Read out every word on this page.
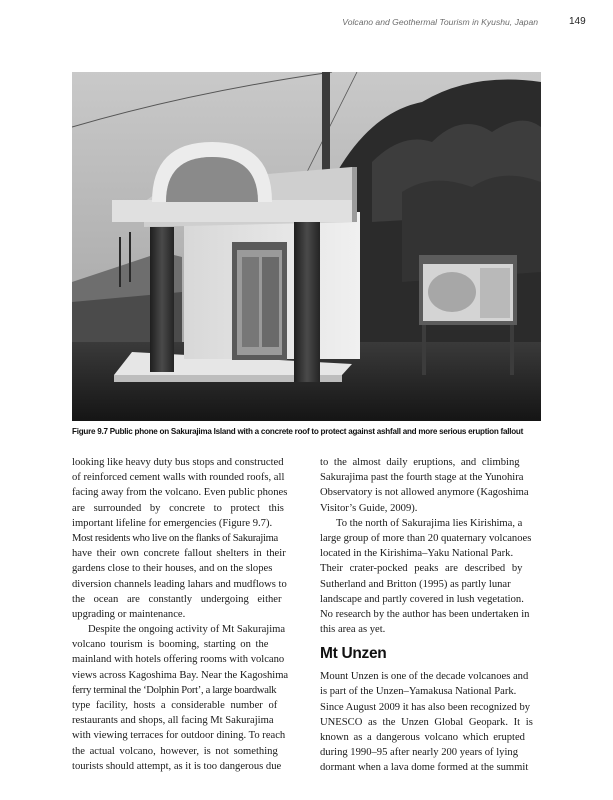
Volcano and Geothermal Tourism in Kyushu, Japan	149
Figure 9.7 Public phone on Sakurajima Island with a concrete roof to protect against ashfall and more serious eruption fallout
looking like heavy duty bus stops and constructed
of reinforced cement walls with rounded roofs, all
facing away from the volcano. Even public phones
are surrounded by concrete to protect this
important lifeline for emergencies (Figure 9.7).
Most residents who live on the flanks of Sakurajima
have their own concrete fallout shelters in their
gardens close to their houses, and on the slopes
diversion channels leading lahars and mudflows to
the ocean are constantly undergoing either
upgrading or maintenance.
Despite the ongoing activity of Mt Sakurajima
volcano tourism is booming, starting on the
mainland with hotels offering rooms with volcano
views across Kagoshima Bay. Near the Kagoshima
ferry terminal the ‘Dolphin Port’, a large boardwalk
type facility, hosts a considerable number of
restaurants and shops, all facing Mt Sakurajima
with viewing terraces for outdoor dining. To reach
the actual volcano, however, is not something
tourists should attempt, as it is too dangerous due
to the almost daily eruptions, and climbing
Sakurajima past the fourth stage at the Yunohira
Observatory is not allowed anymore (Kagoshima
Visitor’s Guide, 2009).
To the north of Sakurajima lies Kirishima, a
large group of more than 20 quaternary volcanoes
located in the Kirishima–Yaku National Park.
Their crater-pocked peaks are described by
Sutherland and Britton (1995) as partly lunar
landscape and partly covered in lush vegetation.
No research by the author has been undertaken in
this area as yet.
Mt Unzen
Mount Unzen is one of the decade volcanoes and
is part of the Unzen–Yamakusa National Park.
Since August 2009 it has also been recognized by
UNESCO as the Unzen Global Geopark. It is
known as a dangerous volcano which erupted
during 1990–95 after nearly 200 years of lying
dormant when a lava dome formed at the summit
